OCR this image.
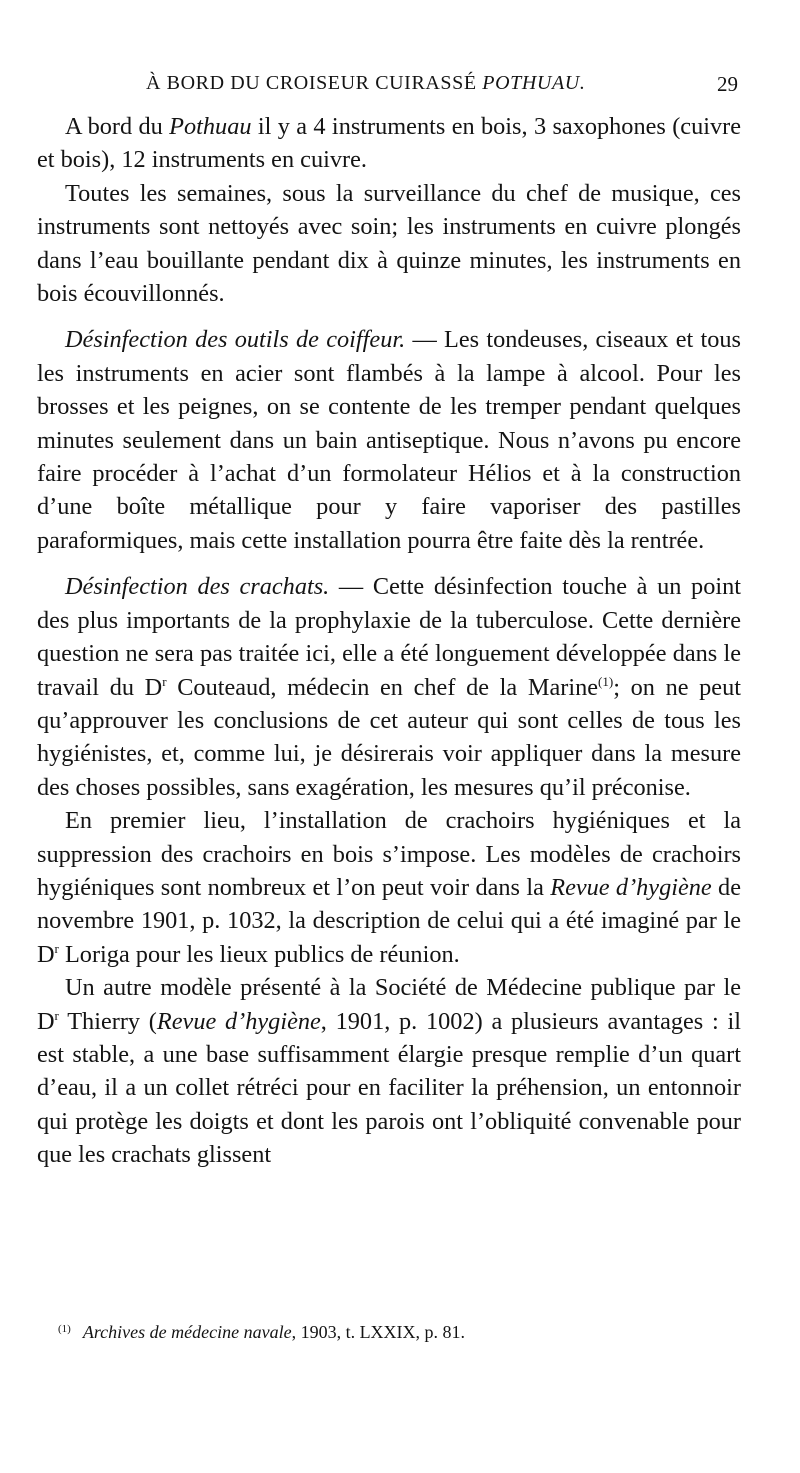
À BORD DU CROISEUR CUIRASSÉ POTHUAU.	29

A bord du Pothuau il y a 4 instruments en bois, 3 saxophones (cuivre et bois), 12 instruments en cuivre.

Toutes les semaines, sous la surveillance du chef de musique, ces instruments sont nettoyés avec soin; les instruments en cuivre plongés dans l’eau bouillante pendant dix à quinze minutes, les instruments en bois écouvillonnés.

Désinfection des outils de coiffeur. — Les tondeuses, ciseaux et tous les instruments en acier sont flambés à la lampe à alcool. Pour les brosses et les peignes, on se contente de les tremper pendant quelques minutes seulement dans un bain antiseptique. Nous n’avons pu encore faire procéder à l’achat d’un formolateur Hélios et à la construction d’une boîte métallique pour y faire vaporiser des pastilles paraformiques, mais cette installation pourra être faite dès la rentrée.

Désinfection des crachats. — Cette désinfection touche à un point des plus importants de la prophylaxie de la tuberculose. Cette dernière question ne sera pas traitée ici, elle a été longuement développée dans le travail du $D^r$ Couteaud, médecin en chef de la Marine$^{(1)}$; on ne peut qu’approuver les conclusions de cet auteur qui sont celles de tous les hygiénistes, et, comme lui, je désirerais voir appliquer dans la mesure des choses possibles, sans exagération, les mesures qu’il préconise.

En premier lieu, l’installation de crachoirs hygiéniques et la suppression des crachoirs en bois s’impose. Les modèles de crachoirs hygiéniques sont nombreux et l’on peut voir dans la Revue d’hygiène de novembre 1901, p. 1032, la description de celui qui a été imaginé par le $D^r$ Loriga pour les lieux publics de réunion.

Un autre modèle présenté à la Société de Médecine publique par le $D^r$ Thierry (Revue d’hygiène, 1901, p. 1002) a plusieurs avantages : il est stable, a une base suffisamment élargie presque remplie d’un quart d’eau, il a un collet rétréci pour en faciliter la préhension, un entonnoir qui protège les doigts et dont les parois ont l’obliquité convenable pour que les crachats glissent

$^{(1)}$ Archives de médecine navale, 1903, t. LXXIX, p. 81.
